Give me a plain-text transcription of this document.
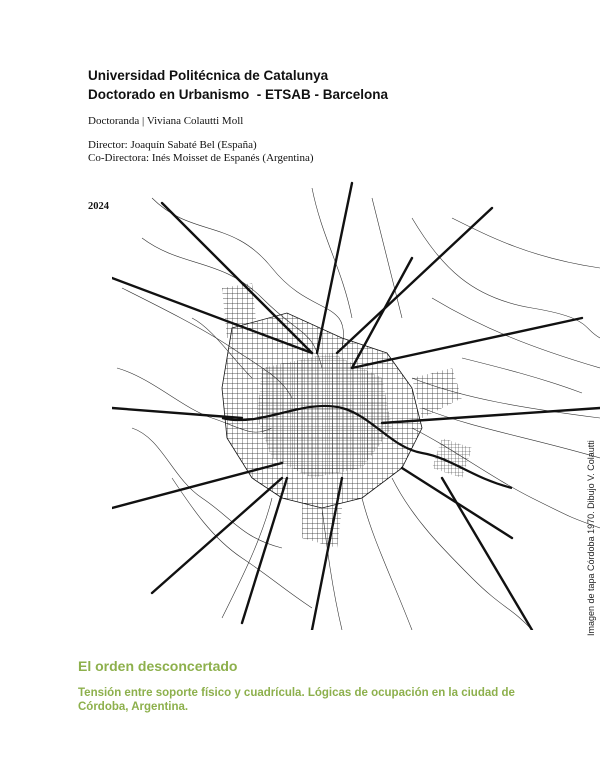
Universidad Politécnica de Catalunya
Doctorado en Urbanismo  - ETSAB - Barcelona
Doctoranda | Viviana Colautti Moll
Director: Joaquín Sabaté Bel (España)
Co-Directora: Inés Moisset de Espanés (Argentina)
2024
Imagen de tapa Córdoba 1970. Dibujo V. Colautti
El orden desconcertado
Tensión entre soporte físico y cuadrícula. Lógicas de ocupación en la ciudad de Córdoba, Argentina.
